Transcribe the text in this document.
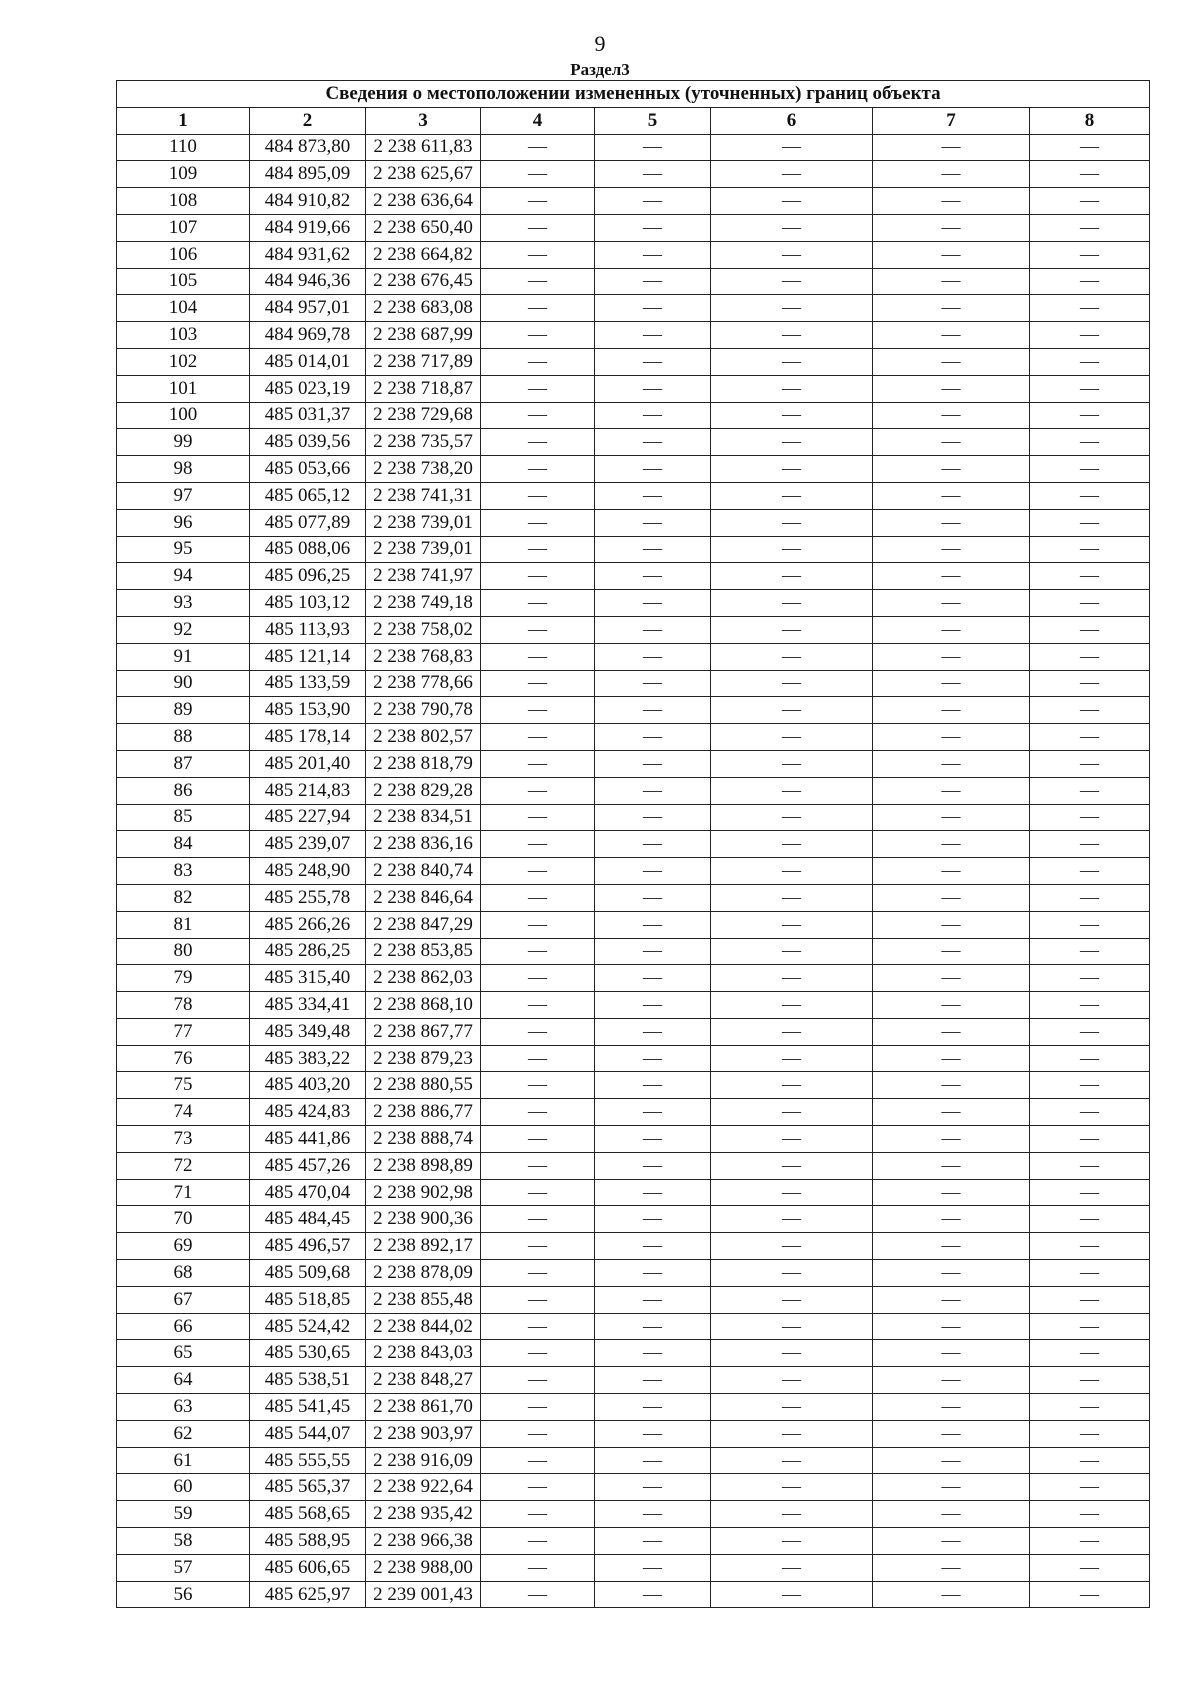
9
Раздел3
Сведения о местоположении измененных (уточненных) границ объекта							
1	2	3	4	5	6	7	8
110	484 873,80	2 238 611,83	—	—	—	—	—
109	484 895,09	2 238 625,67	—	—	—	—	—
108	484 910,82	2 238 636,64	—	—	—	—	—
107	484 919,66	2 238 650,40	—	—	—	—	—
106	484 931,62	2 238 664,82	—	—	—	—	—
105	484 946,36	2 238 676,45	—	—	—	—	—
104	484 957,01	2 238 683,08	—	—	—	—	—
103	484 969,78	2 238 687,99	—	—	—	—	—
102	485 014,01	2 238 717,89	—	—	—	—	—
101	485 023,19	2 238 718,87	—	—	—	—	—
100	485 031,37	2 238 729,68	—	—	—	—	—
99	485 039,56	2 238 735,57	—	—	—	—	—
98	485 053,66	2 238 738,20	—	—	—	—	—
97	485 065,12	2 238 741,31	—	—	—	—	—
96	485 077,89	2 238 739,01	—	—	—	—	—
95	485 088,06	2 238 739,01	—	—	—	—	—
94	485 096,25	2 238 741,97	—	—	—	—	—
93	485 103,12	2 238 749,18	—	—	—	—	—
92	485 113,93	2 238 758,02	—	—	—	—	—
91	485 121,14	2 238 768,83	—	—	—	—	—
90	485 133,59	2 238 778,66	—	—	—	—	—
89	485 153,90	2 238 790,78	—	—	—	—	—
88	485 178,14	2 238 802,57	—	—	—	—	—
87	485 201,40	2 238 818,79	—	—	—	—	—
86	485 214,83	2 238 829,28	—	—	—	—	—
85	485 227,94	2 238 834,51	—	—	—	—	—
84	485 239,07	2 238 836,16	—	—	—	—	—
83	485 248,90	2 238 840,74	—	—	—	—	—
82	485 255,78	2 238 846,64	—	—	—	—	—
81	485 266,26	2 238 847,29	—	—	—	—	—
80	485 286,25	2 238 853,85	—	—	—	—	—
79	485 315,40	2 238 862,03	—	—	—	—	—
78	485 334,41	2 238 868,10	—	—	—	—	—
77	485 349,48	2 238 867,77	—	—	—	—	—
76	485 383,22	2 238 879,23	—	—	—	—	—
75	485 403,20	2 238 880,55	—	—	—	—	—
74	485 424,83	2 238 886,77	—	—	—	—	—
73	485 441,86	2 238 888,74	—	—	—	—	—
72	485 457,26	2 238 898,89	—	—	—	—	—
71	485 470,04	2 238 902,98	—	—	—	—	—
70	485 484,45	2 238 900,36	—	—	—	—	—
69	485 496,57	2 238 892,17	—	—	—	—	—
68	485 509,68	2 238 878,09	—	—	—	—	—
67	485 518,85	2 238 855,48	—	—	—	—	—
66	485 524,42	2 238 844,02	—	—	—	—	—
65	485 530,65	2 238 843,03	—	—	—	—	—
64	485 538,51	2 238 848,27	—	—	—	—	—
63	485 541,45	2 238 861,70	—	—	—	—	—
62	485 544,07	2 238 903,97	—	—	—	—	—
61	485 555,55	2 238 916,09	—	—	—	—	—
60	485 565,37	2 238 922,64	—	—	—	—	—
59	485 568,65	2 238 935,42	—	—	—	—	—
58	485 588,95	2 238 966,38	—	—	—	—	—
57	485 606,65	2 238 988,00	—	—	—	—	—
56	485 625,97	2 239 001,43	—	—	—	—	—
